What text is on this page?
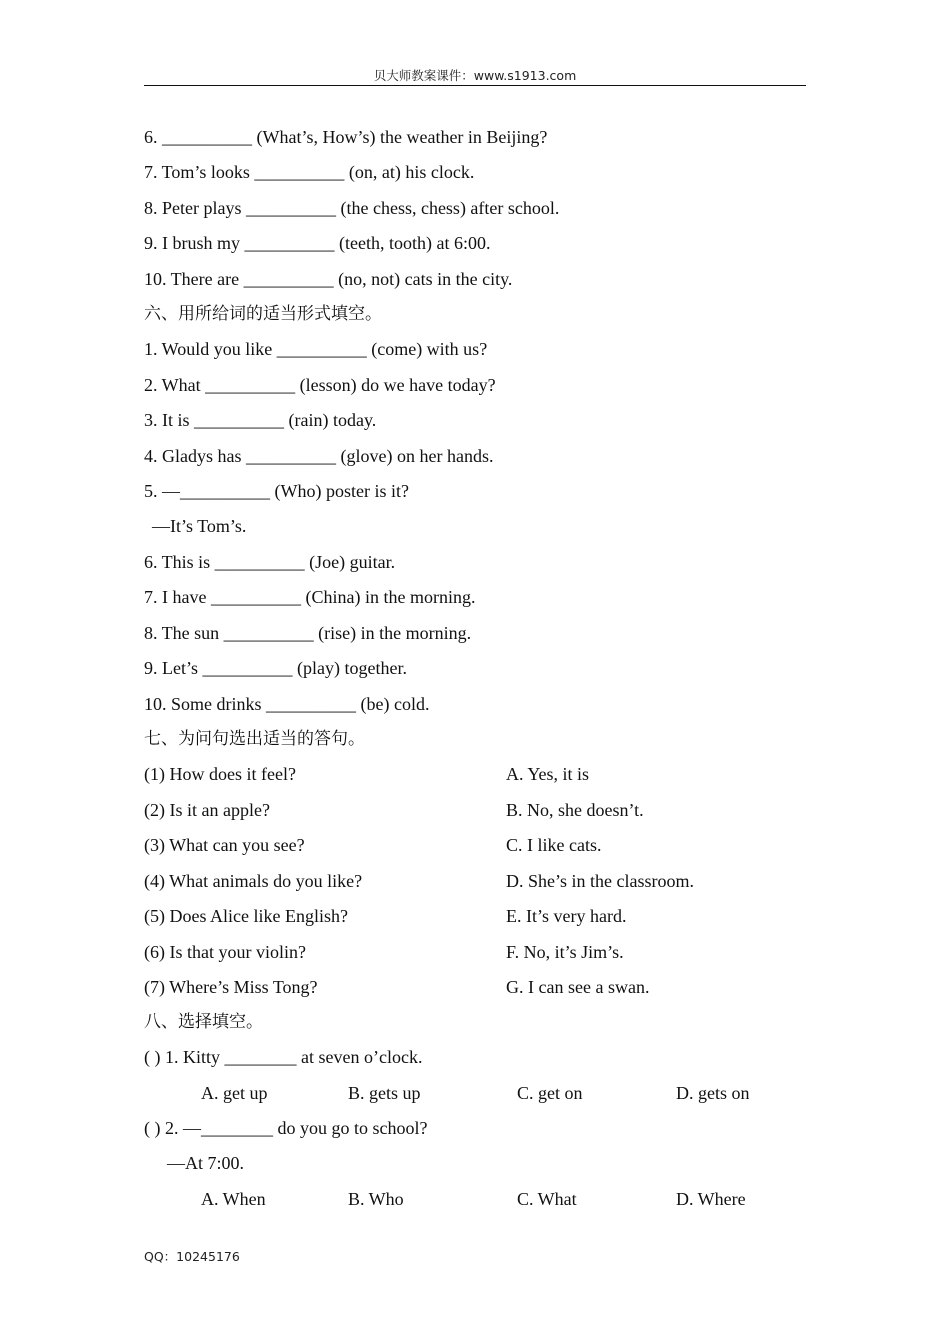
贝大师教案课件：www.s1913.com
6. __________ (What’s, How’s) the weather in Beijing?
7. Tom’s looks __________ (on, at) his clock.
8. Peter plays __________ (the chess, chess) after school.
9. I brush my __________ (teeth, tooth) at 6:00.
10. There are __________ (no, not) cats in the city.
六、用所给词的适当形式填空。
1. Would you like __________ (come) with us?
2. What __________ (lesson) do we have today?
3. It is __________ (rain) today.
4. Gladys has __________ (glove) on her hands.
5. —__________ (Who) poster is it?
—It’s Tom’s.
6. This is __________ (Joe) guitar.
7. I have __________ (China) in the morning.
8. The sun __________ (rise) in the morning.
9. Let’s __________ (play) together.
10. Some drinks __________ (be) cold.
七、为问句选出适当的答句。
(1) How does it feel?	A. Yes, it is
(2) Is it an apple?	B. No, she doesn’t.
(3) What can you see?	C. I like cats.
(4) What animals do you like?	D. She’s in the classroom.
(5) Does Alice like English?	E. It’s very hard.
(6) Is that your violin?	F. No, it’s Jim’s.
(7) Where’s Miss Tong?	G. I can see a swan.
八、选择填空。
( ) 1. Kitty ________ at seven o’clock.
A. get up	B. gets up	C. get on	D. gets on
( ) 2. —________ do you go to school?
—At 7:00.
A. When	B. Who	C. What	D. Where
QQ：10245176
